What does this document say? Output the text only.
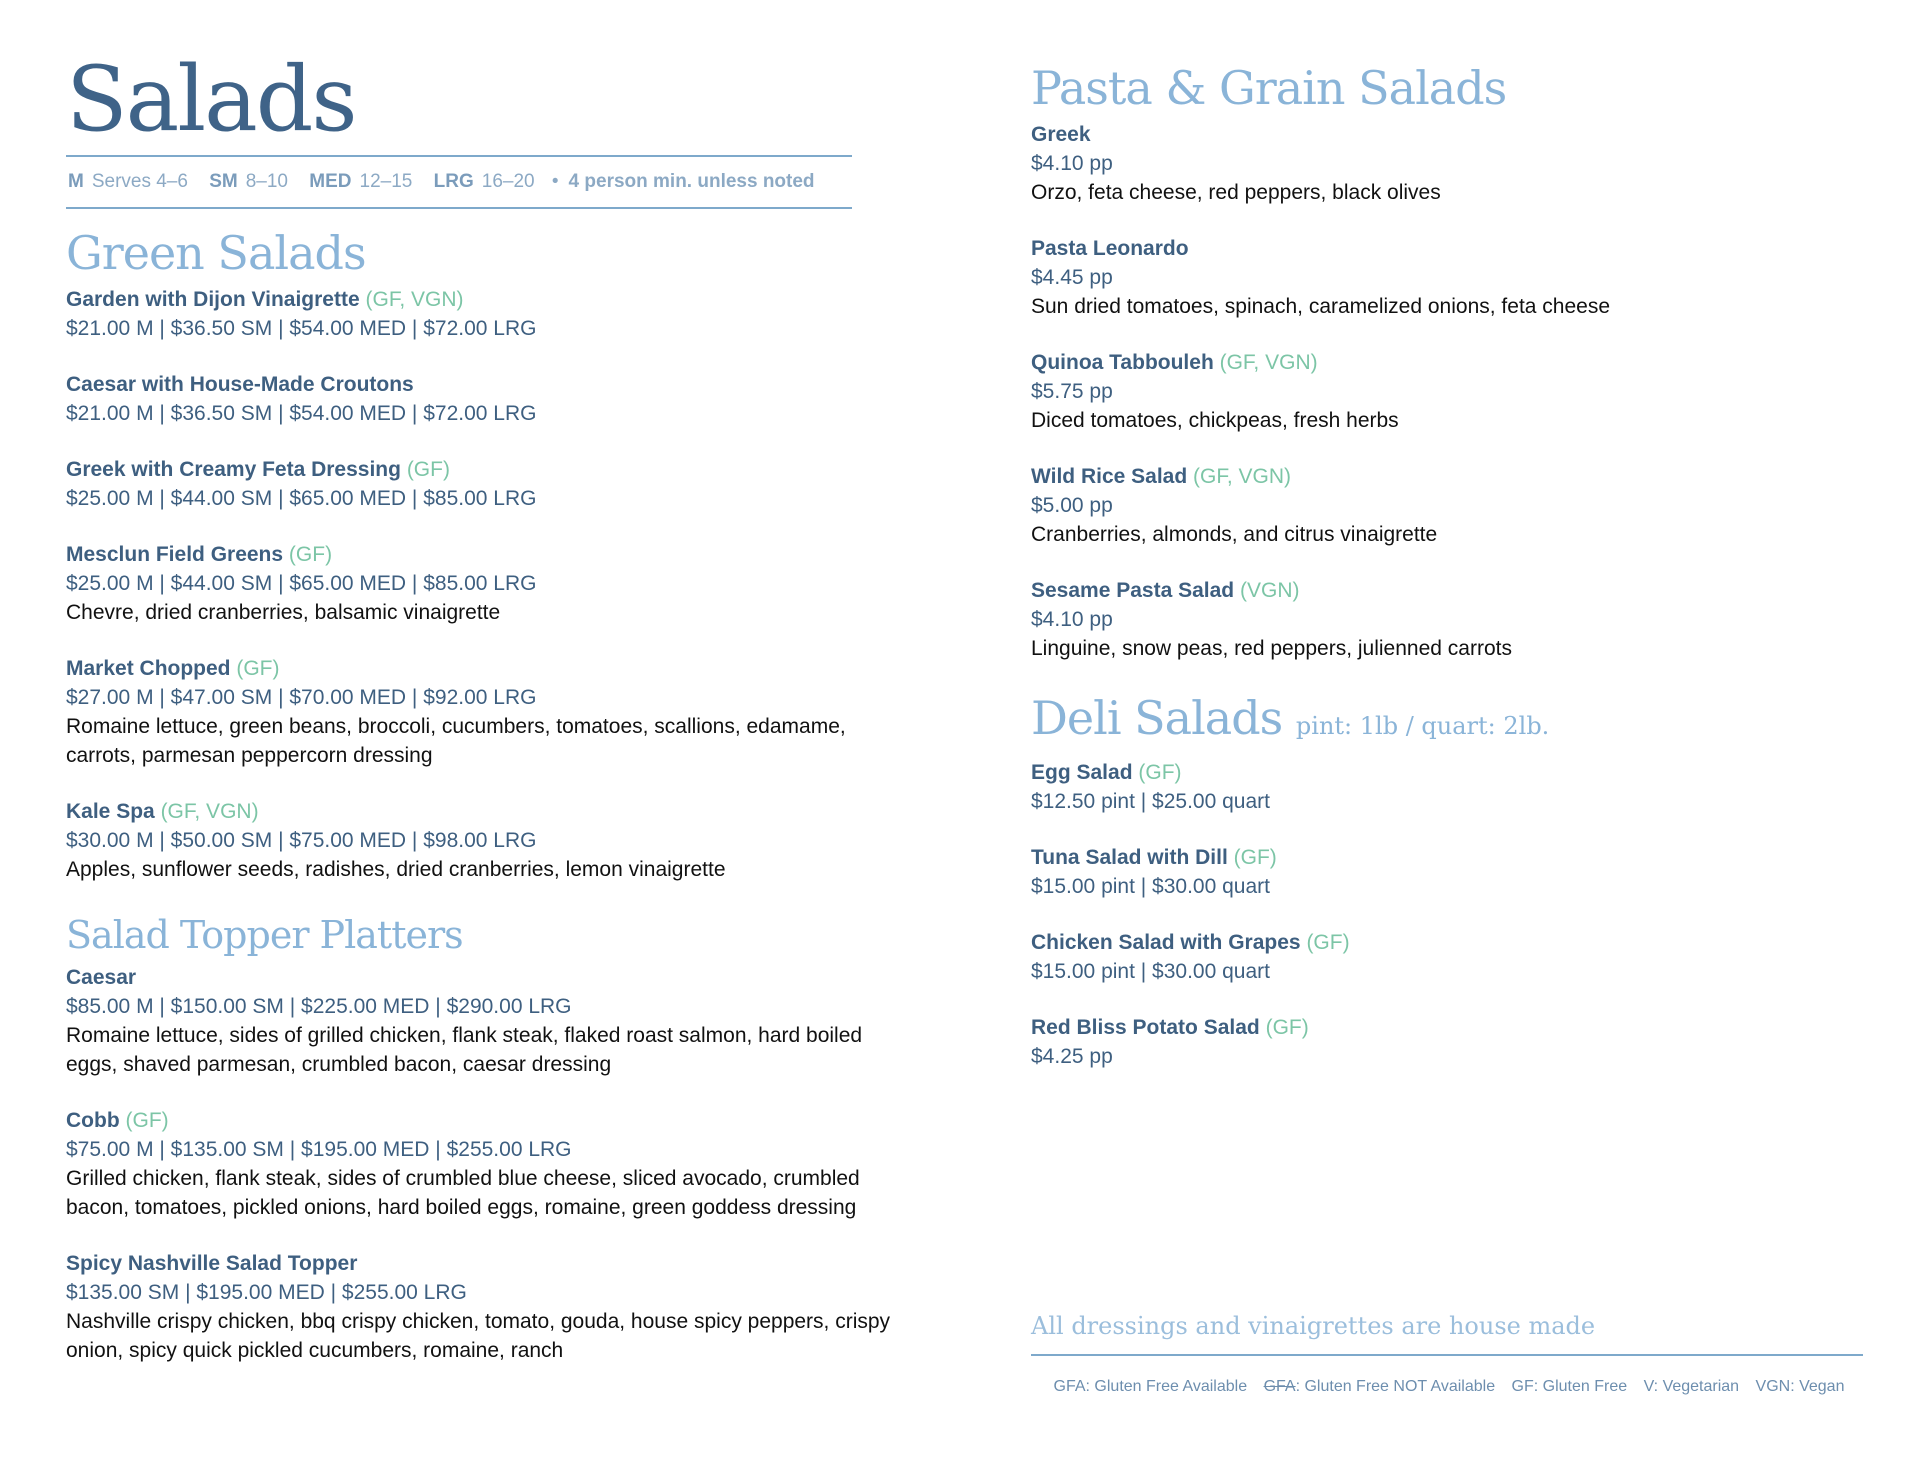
Salads
M Serves 4–6 SM 8–10 MED 12–15 LRG 16–20 • 4 person min. unless noted
Green Salads
Garden with Dijon Vinaigrette (GF, VGN)
$21.00 M | $36.50 SM | $54.00 MED | $72.00 LRG
Caesar with House-Made Croutons
$21.00 M | $36.50 SM | $54.00 MED | $72.00 LRG
Greek with Creamy Feta Dressing (GF)
$25.00 M | $44.00 SM | $65.00 MED | $85.00 LRG
Mesclun Field Greens (GF)
$25.00 M | $44.00 SM | $65.00 MED | $85.00 LRG
Chevre, dried cranberries, balsamic vinaigrette
Market Chopped (GF)
$27.00 M | $47.00 SM | $70.00 MED | $92.00 LRG
Romaine lettuce, green beans, broccoli, cucumbers, tomatoes, scallions, edamame, carrots, parmesan peppercorn dressing
Kale Spa (GF, VGN)
$30.00 M | $50.00 SM | $75.00 MED | $98.00 LRG
Apples, sunflower seeds, radishes, dried cranberries, lemon vinaigrette
Salad Topper Platters
Caesar
$85.00 M | $150.00 SM | $225.00 MED | $290.00 LRG
Romaine lettuce, sides of grilled chicken, flank steak, flaked roast salmon, hard boiled eggs, shaved parmesan, crumbled bacon, caesar dressing
Cobb (GF)
$75.00 M | $135.00 SM | $195.00 MED | $255.00 LRG
Grilled chicken, flank steak, sides of crumbled blue cheese, sliced avocado, crumbled bacon, tomatoes, pickled onions, hard boiled eggs, romaine, green goddess dressing
Spicy Nashville Salad Topper
$135.00 SM | $195.00 MED | $255.00 LRG
Nashville crispy chicken, bbq crispy chicken, tomato, gouda, house spicy peppers, crispy onion, spicy quick pickled cucumbers, romaine, ranch
Pasta & Grain Salads
Greek
$4.10 pp
Orzo, feta cheese, red peppers, black olives
Pasta Leonardo
$4.45 pp
Sun dried tomatoes, spinach, caramelized onions, feta cheese
Quinoa Tabbouleh (GF, VGN)
$5.75 pp
Diced tomatoes, chickpeas, fresh herbs
Wild Rice Salad (GF, VGN)
$5.00 pp
Cranberries, almonds, and citrus vinaigrette
Sesame Pasta Salad (VGN)
$4.10 pp
Linguine, snow peas, red peppers, julienned carrots
Deli Salads pint: 1lb / quart: 2lb.
Egg Salad (GF)
$12.50 pint | $25.00 quart
Tuna Salad with Dill (GF)
$15.00 pint | $30.00 quart
Chicken Salad with Grapes (GF)
$15.00 pint | $30.00 quart
Red Bliss Potato Salad (GF)
$4.25 pp

All dressings and vinaigrettes are house made

GFA: Gluten Free Available GFA: Gluten Free NOT Available GF: Gluten Free V: Vegetarian VGN: Vegan
